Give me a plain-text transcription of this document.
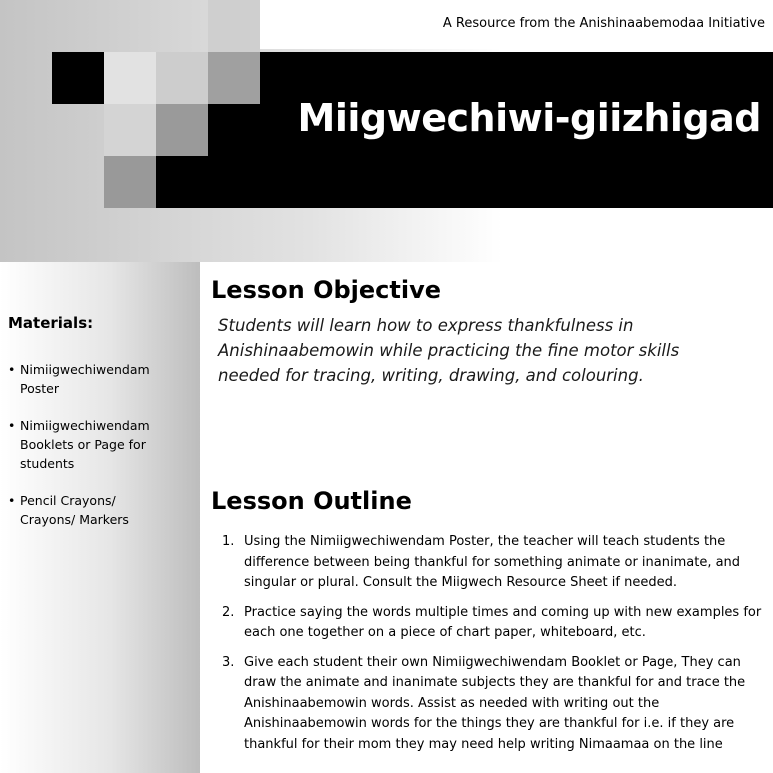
A Resource from the Anishinaabemodaa Initiative
Miigwechiwi-giizhigad
Lesson Objective
Students will learn how to express thankfulness in Anishinaabemowin while practicing the fine motor skills needed for tracing, writing, drawing, and colouring.
Materials:
• Nimiigwechiwendam Poster
• Nimiigwechiwendam Booklets or Page for students
• Pencil Crayons/ Crayons/ Markers
Lesson Outline
1. Using the Nimiigwechiwendam Poster, the teacher will teach students the difference between being thankful for something animate or inanimate, and singular or plural. Consult the Miigwech Resource Sheet if needed.
2. Practice saying the words multiple times and coming up with new examples for each one together on a piece of chart paper, whiteboard, etc.
3. Give each student their own Nimiigwechiwendam Booklet or Page, They can draw the animate and inanimate subjects they are thankful for and trace the Anishinaabemowin words. Assist as needed with writing out the Anishinaabemowin words for the things they are thankful for i.e. if they are thankful for their mom they may need help writing Nimaamaa on the line
